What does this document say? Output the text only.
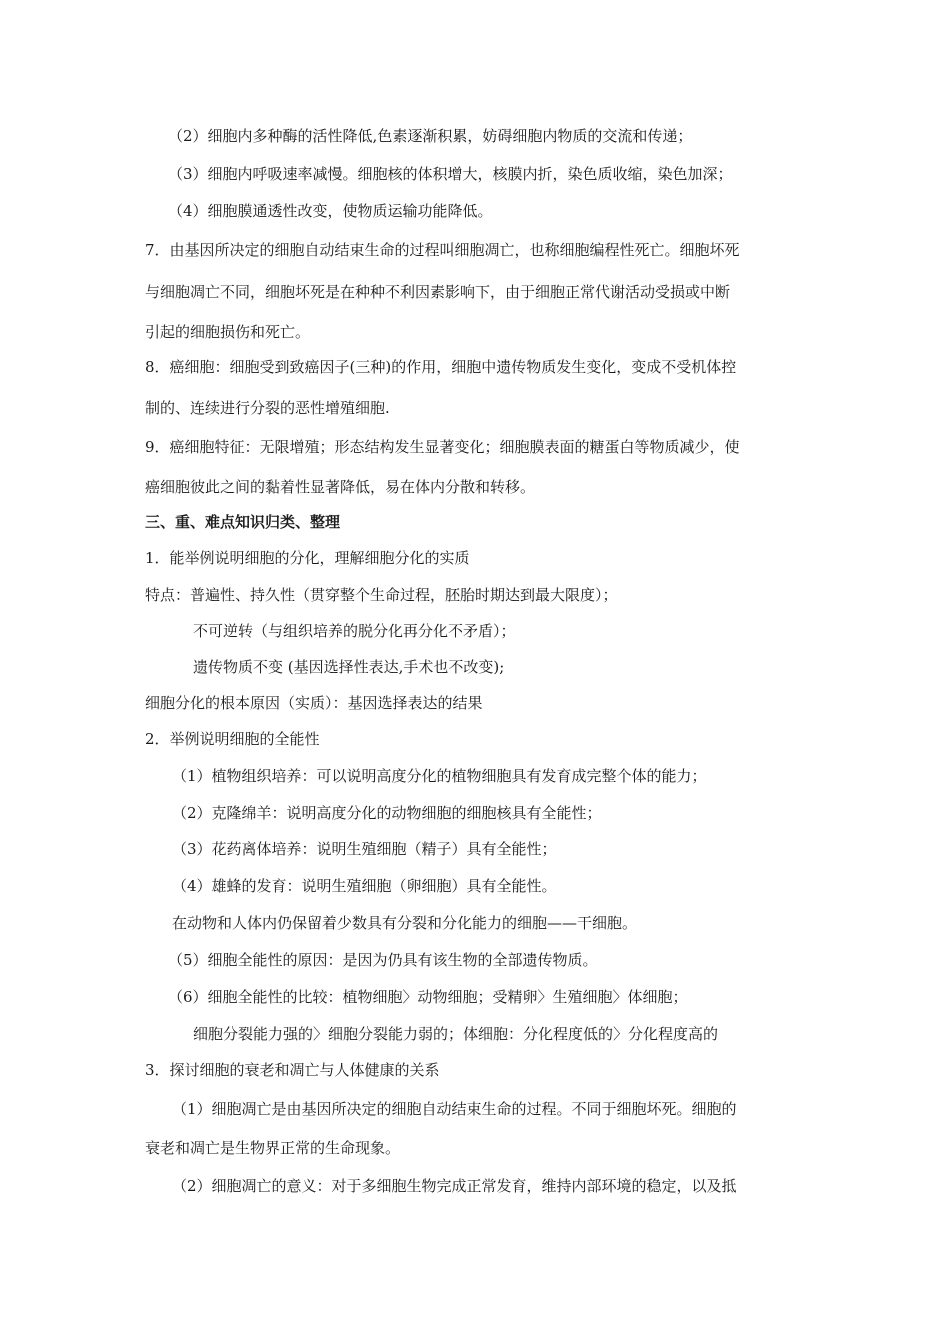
（2）细胞内多种酶的活性降低,色素逐渐积累，妨碍细胞内物质的交流和传递；
（3）细胞内呼吸速率减慢。细胞核的体积增大，核膜内折，染色质收缩，染色加深；
（4）细胞膜通透性改变，使物质运输功能降低。
7．由基因所决定的细胞自动结束生命的过程叫细胞凋亡，也称细胞编程性死亡。细胞坏死
与细胞凋亡不同，细胞坏死是在种种不利因素影响下，由于细胞正常代谢活动受损或中断
引起的细胞损伤和死亡。
8．癌细胞：细胞受到致癌因子(三种)的作用，细胞中遗传物质发生变化，变成不受机体控
制的、连续进行分裂的恶性增殖细胞.
9．癌细胞特征：无限增殖；形态结构发生显著变化；细胞膜表面的糖蛋白等物质减少，使
癌细胞彼此之间的黏着性显著降低，易在体内分散和转移。
三、重、难点知识归类、整理
1．能举例说明细胞的分化，理解细胞分化的实质
特点：普遍性、持久性（贯穿整个生命过程，胚胎时期达到最大限度）；
不可逆转（与组织培养的脱分化再分化不矛盾）；
遗传物质不变 (基因选择性表达,手术也不改变);
细胞分化的根本原因（实质）：基因选择表达的结果
2．举例说明细胞的全能性
（1）植物组织培养：可以说明高度分化的植物细胞具有发育成完整个体的能力；
（2）克隆绵羊：说明高度分化的动物细胞的细胞核具有全能性；
（3）花药离体培养：说明生殖细胞（精子）具有全能性；
（4）雄蜂的发育：说明生殖细胞（卵细胞）具有全能性。
在动物和人体内仍保留着少数具有分裂和分化能力的细胞——干细胞。
（5）细胞全能性的原因：是因为仍具有该生物的全部遗传物质。
（6）细胞全能性的比较：植物细胞〉动物细胞；受精卵〉生殖细胞〉体细胞；
细胞分裂能力强的〉细胞分裂能力弱的；体细胞：分化程度低的〉分化程度高的
3．探讨细胞的衰老和凋亡与人体健康的关系
（1）细胞凋亡是由基因所决定的细胞自动结束生命的过程。不同于细胞坏死。细胞的
衰老和凋亡是生物界正常的生命现象。
（2）细胞凋亡的意义：对于多细胞生物完成正常发育，维持内部环境的稳定，以及抵
